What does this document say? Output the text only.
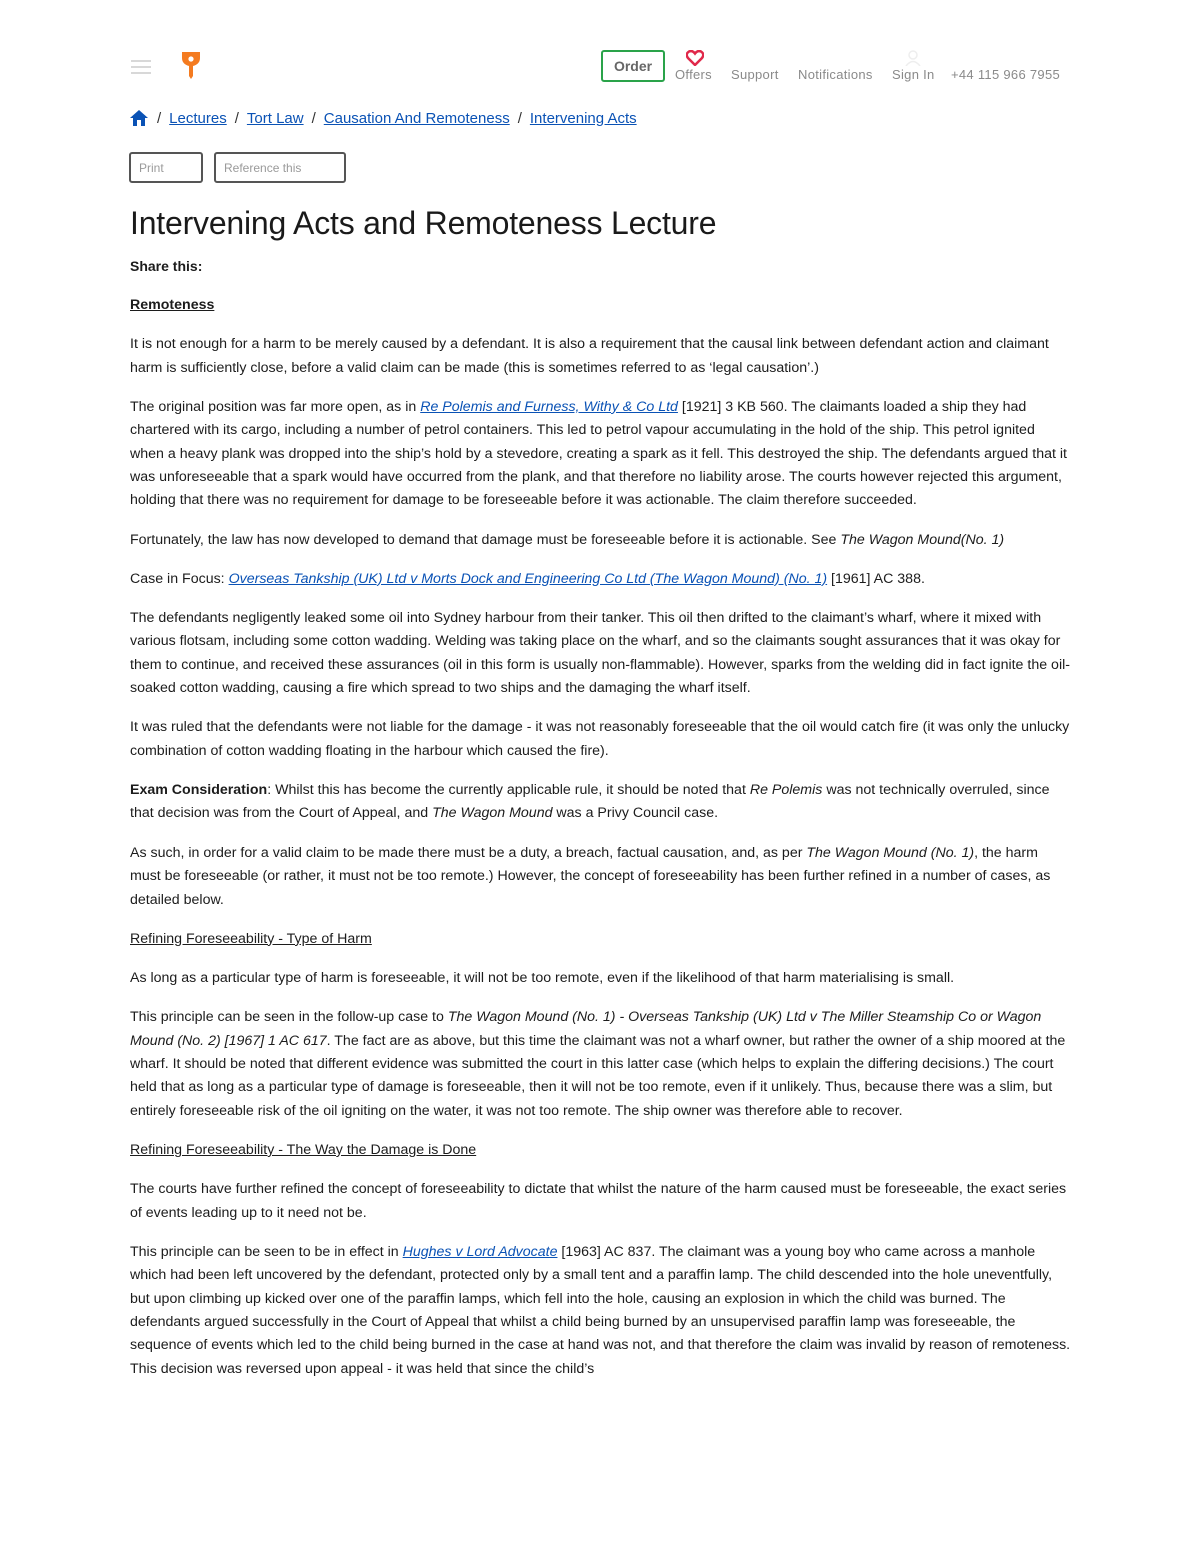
Order
Offers Support Notifications Sign In +44 115 966 7955
/ Lectures / Tort Law / Causation And Remoteness / Intervening Acts
Print	Reference this
Intervening Acts and Remoteness Lecture
Share this:

Remoteness

It is not enough for a harm to be merely caused by a defendant. It is also a requirement that the causal link between defendant action and claimant harm is sufficiently close, before a valid claim can be made (this is sometimes referred to as ‘legal causation’.)

The original position was far more open, as in Re Polemis and Furness, Withy & Co Ltd [1921] 3 KB 560. The claimants loaded a ship they had chartered with its cargo, including a number of petrol containers. This led to petrol vapour accumulating in the hold of the ship. This petrol ignited when a heavy plank was dropped into the ship’s hold by a stevedore, creating a spark as it fell. This destroyed the ship. The defendants argued that it was unforeseeable that a spark would have occurred from the plank, and that therefore no liability arose. The courts however rejected this argument, holding that there was no requirement for damage to be foreseeable before it was actionable. The claim therefore succeeded.

Fortunately, the law has now developed to demand that damage must be foreseeable before it is actionable. See The Wagon Mound(No. 1)

Case in Focus: Overseas Tankship (UK) Ltd v Morts Dock and Engineering Co Ltd (The Wagon Mound) (No. 1) [1961] AC 388.

The defendants negligently leaked some oil into Sydney harbour from their tanker. This oil then drifted to the claimant’s wharf, where it mixed with various flotsam, including some cotton wadding. Welding was taking place on the wharf, and so the claimants sought assurances that it was okay for them to continue, and received these assurances (oil in this form is usually non-flammable). However, sparks from the welding did in fact ignite the oil-soaked cotton wadding, causing a fire which spread to two ships and the damaging the wharf itself.

It was ruled that the defendants were not liable for the damage - it was not reasonably foreseeable that the oil would catch fire (it was only the unlucky combination of cotton wadding floating in the harbour which caused the fire).

Exam Consideration: Whilst this has become the currently applicable rule, it should be noted that Re Polemis was not technically overruled, since that decision was from the Court of Appeal, and The Wagon Mound was a Privy Council case.

As such, in order for a valid claim to be made there must be a duty, a breach, factual causation, and, as per The Wagon Mound (No. 1), the harm must be foreseeable (or rather, it must not be too remote.) However, the concept of foreseeability has been further refined in a number of cases, as detailed below.

Refining Foreseeability - Type of Harm

As long as a particular type of harm is foreseeable, it will not be too remote, even if the likelihood of that harm materialising is small.

This principle can be seen in the follow-up case to The Wagon Mound (No. 1) - Overseas Tankship (UK) Ltd v The Miller Steamship Co or Wagon Mound (No. 2) [1967] 1 AC 617. The fact are as above, but this time the claimant was not a wharf owner, but rather the owner of a ship moored at the wharf. It should be noted that different evidence was submitted the court in this latter case (which helps to explain the differing decisions.) The court held that as long as a particular type of damage is foreseeable, then it will not be too remote, even if it unlikely. Thus, because there was a slim, but entirely foreseeable risk of the oil igniting on the water, it was not too remote. The ship owner was therefore able to recover.

Refining Foreseeability - The Way the Damage is Done

The courts have further refined the concept of foreseeability to dictate that whilst the nature of the harm caused must be foreseeable, the exact series of events leading up to it need not be.

This principle can be seen to be in effect in Hughes v Lord Advocate [1963] AC 837. The claimant was a young boy who came across a manhole which had been left uncovered by the defendant, protected only by a small tent and a paraffin lamp. The child descended into the hole uneventfully, but upon climbing up kicked over one of the paraffin lamps, which fell into the hole, causing an explosion in which the child was burned. The defendants argued successfully in the Court of Appeal that whilst a child being burned by an unsupervised paraffin lamp was foreseeable, the sequence of events which led to the child being burned in the case at hand was not, and that therefore the claim was invalid by reason of remoteness. This decision was reversed upon appeal - it was held that since the child’s
